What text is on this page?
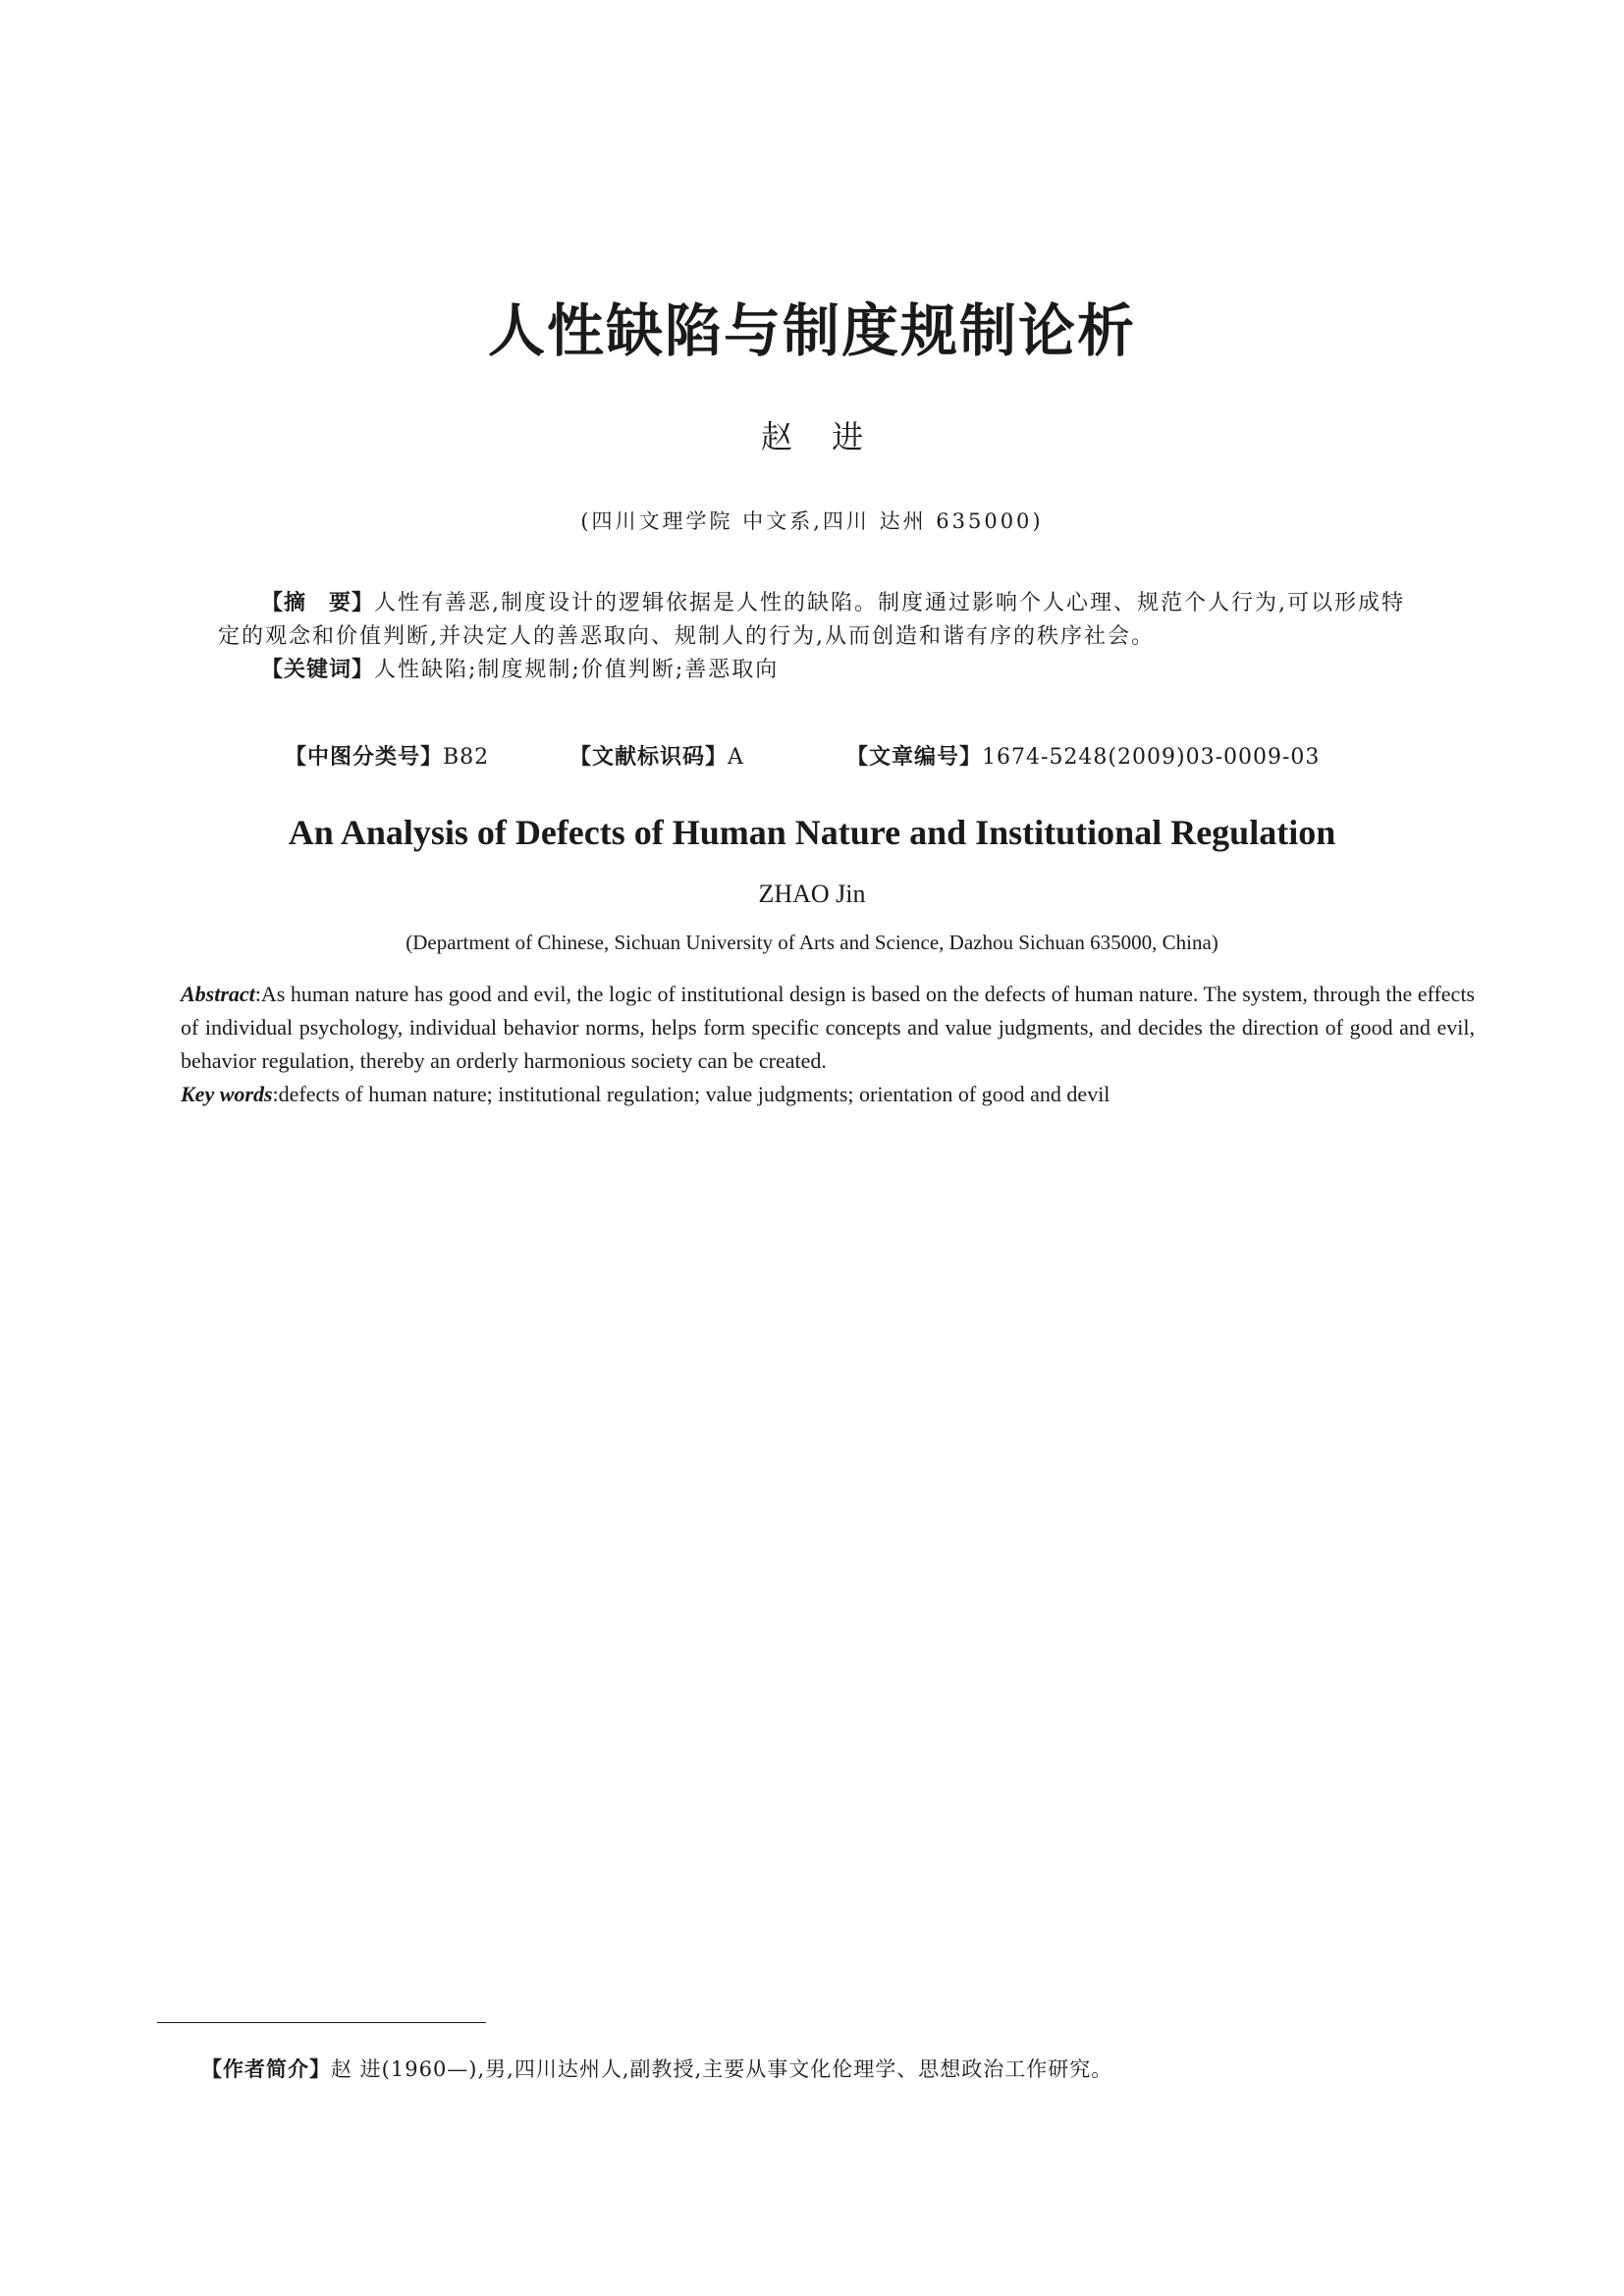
人性缺陷与制度规制论析
赵 进
(四川文理学院 中文系,四川 达州 635000)

【摘　要】人性有善恶,制度设计的逻辑依据是人性的缺陷。制度通过影响个人心理、规范个人行为,可以形成特定的观念和价值判断,并决定人的善恶取向、规制人的行为,从而创造和谐有序的秩序社会。

【关键词】人性缺陷;制度规制;价值判断;善恶取向

【中图分类号】B82	【文献标识码】A	【文章编号】1674-5248(2009)03-0009-03
An Analysis of Defects of Human Nature and Institutional Regulation
ZHAO Jin
(Department of Chinese, Sichuan University of Arts and Science, Dazhou Sichuan 635000, China)

Abstract:As human nature has good and evil, the logic of institutional design is based on the defects of human nature. The system, through the effects of individual psychology, individual behavior norms, helps form specific concepts and value judgments, and decides the direction of good and evil, behavior regulation, thereby an orderly harmonious society can be created.

Key words:defects of human nature; institutional regulation; value judgments; orientation of good and devil

【作者简介】赵 进(1960—),男,四川达州人,副教授,主要从事文化伦理学、思想政治工作研究。
